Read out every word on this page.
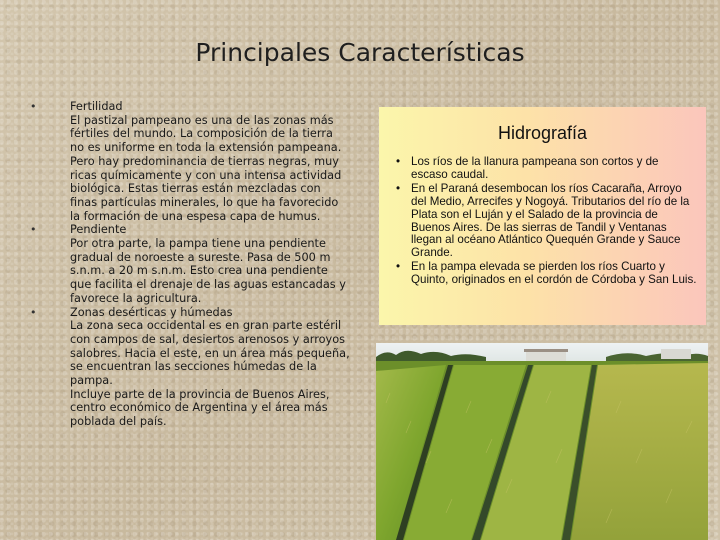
Principales Características
•	Fertilidad
El pastizal pampeano es una de las zonas más fértiles del mundo. La composición de la tierra no es uniforme en toda la extensión pampeana. Pero hay predominancia de tierras negras, muy ricas químicamente y con una intensa actividad biológica. Estas tierras están mezcladas con finas partículas minerales, lo que ha favorecido la formación de una espesa capa de humus.
•	Pendiente
Por otra parte, la pampa tiene una pendiente gradual de noroeste a sureste. Pasa de 500 m s.n.m. a 20 m s.n.m. Esto crea una pendiente que facilita el drenaje de las aguas estancadas y favorece la agricultura.
•	Zonas desérticas y húmedas
La zona seca occidental es en gran parte estéril con campos de sal, desiertos arenosos y arroyos salobres. Hacia el este, en un área más pequeña, se encuentran las secciones húmedas de la pampa.
Incluye parte de la provincia de Buenos Aires, centro económico de Argentina y el área más poblada del país.
Hidrografía
• Los ríos de la llanura pampeana son cortos y de escaso caudal.
• En el Paraná desembocan los ríos Cacaraña, Arroyo del Medio, Arrecifes y Nogoyá. Tributarios del río de la Plata son el Luján y el Salado de la provincia de Buenos Aires. De las sierras de Tandil y Ventanas llegan al océano Atlántico Quequén Grande y Sauce Grande.
• En la pampa elevada se pierden los ríos Cuarto y Quinto, originados en el cordón de Córdoba y San Luis.
